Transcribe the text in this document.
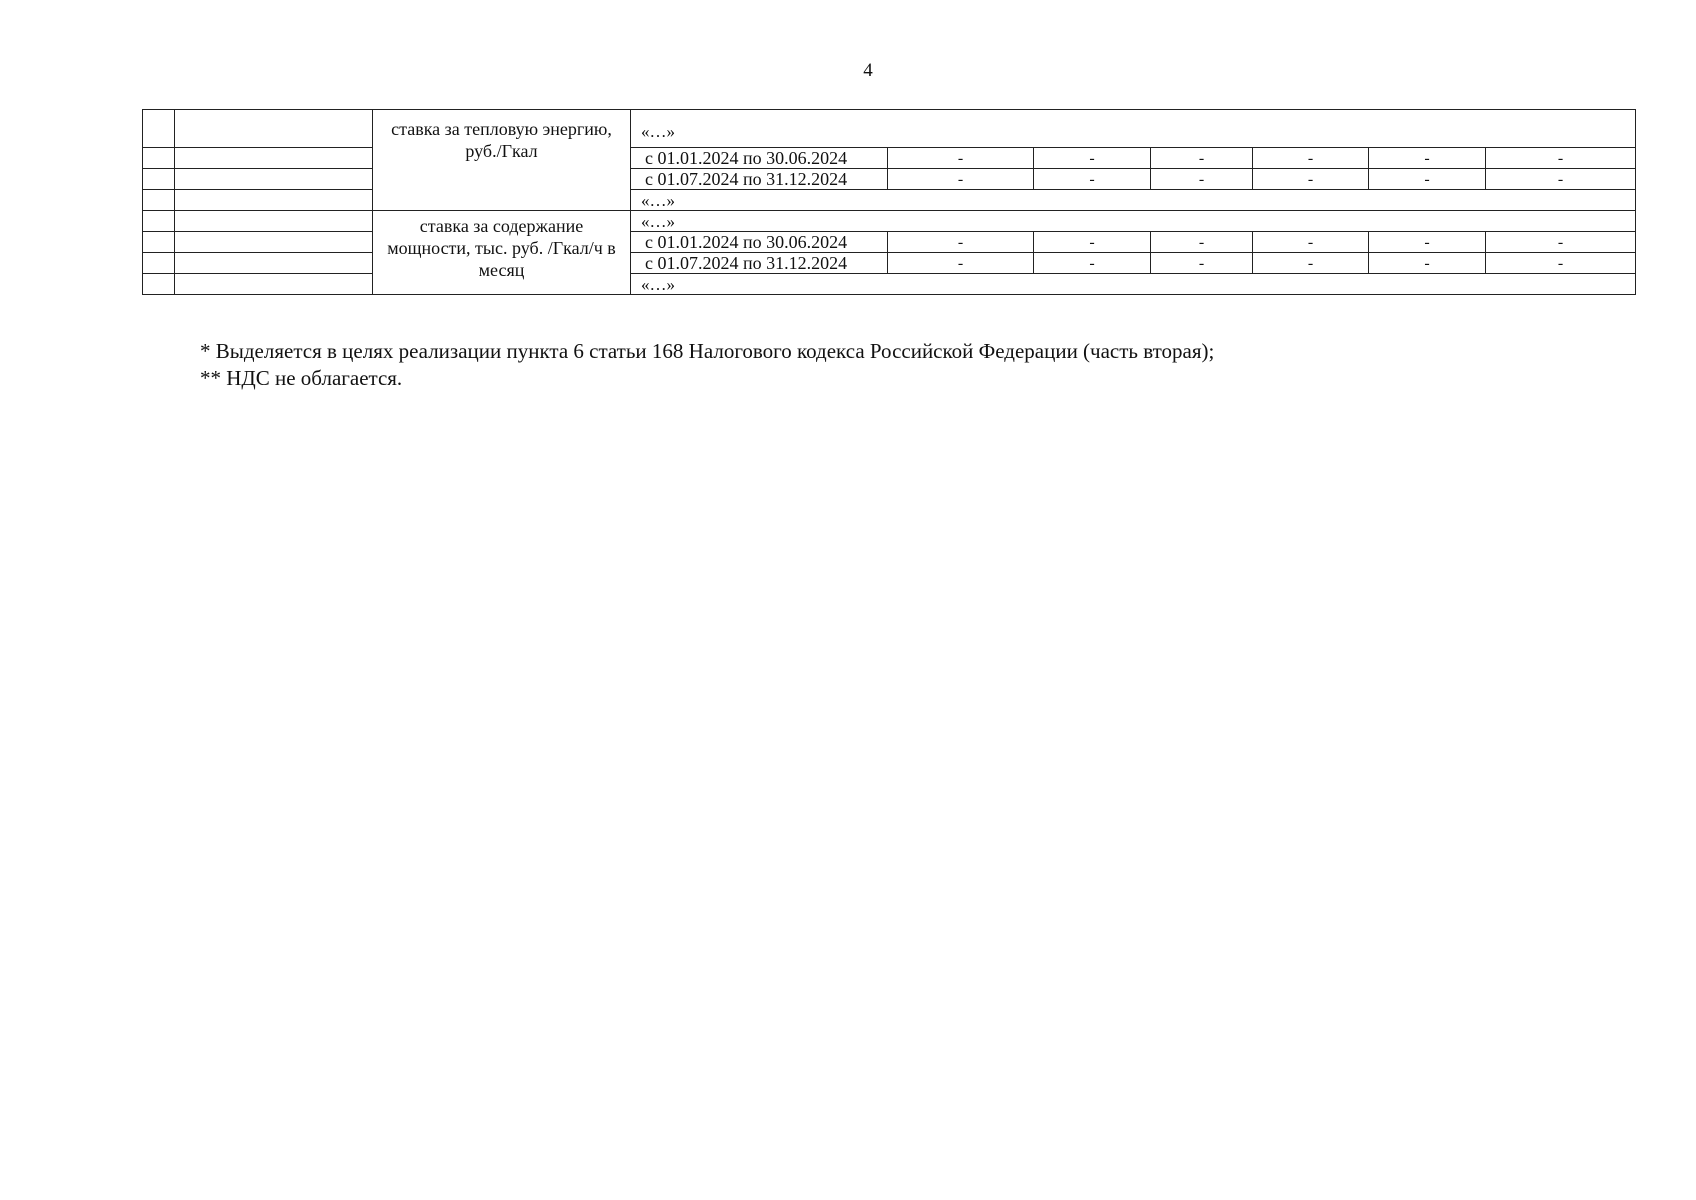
4
		ставка за тепловую энергию, руб./Гкал	«…»						
			с 01.01.2024 по 30.06.2024	-	-	-	-	-	-
			с 01.07.2024 по 31.12.2024	-	-	-	-	-	-
			«…»						
		ставка за содержание мощности, тыс. руб. /Гкал/ч в месяц	«…»						
			с 01.01.2024 по 30.06.2024	-	-	-	-	-	-
			с 01.07.2024 по 31.12.2024	-	-	-	-	-	-
			«…»						

* Выделяется в целях реализации пункта 6 статьи 168 Налогового кодекса Российской Федерации (часть вторая);

** НДС не облагается.
